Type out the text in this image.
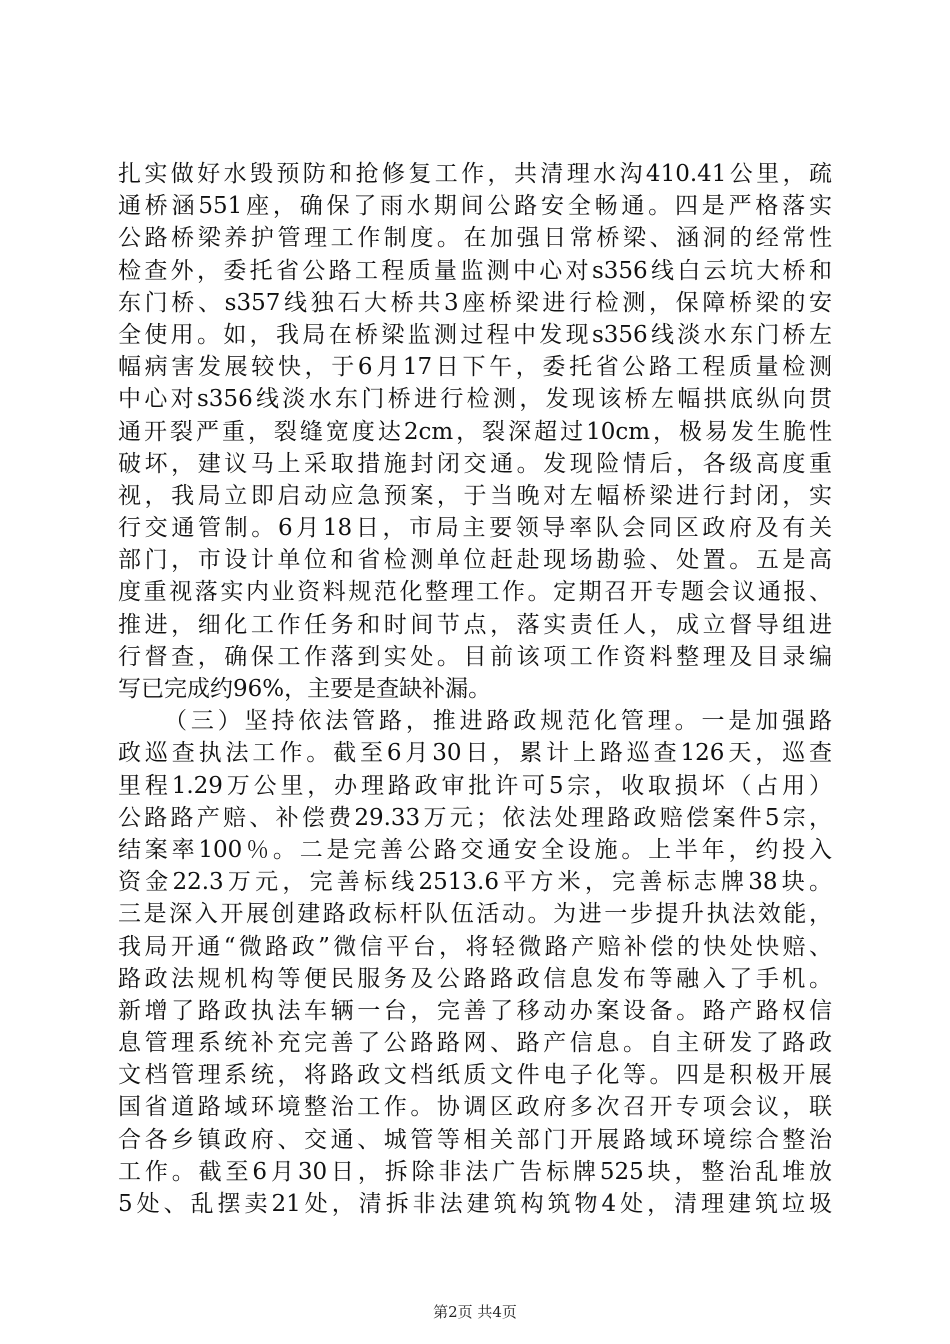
扎实做好水毁预防和抢修复工作，共清理水沟410.41公里，疏
通桥涵551座，确保了雨水期间公路安全畅通。四是严格落实
公路桥梁养护管理工作制度。在加强日常桥梁、涵洞的经常性
检查外，委托省公路工程质量监测中心对s356线白云坑大桥和
东门桥、s357线独石大桥共3座桥梁进行检测，保障桥梁的安
全使用。如，我局在桥梁监测过程中发现s356线淡水东门桥左
幅病害发展较快，于6月17日下午，委托省公路工程质量检测
中心对s356线淡水东门桥进行检测，发现该桥左幅拱底纵向贯
通开裂严重，裂缝宽度达2cm，裂深超过10cm，极易发生脆性
破坏，建议马上采取措施封闭交通。发现险情后，各级高度重
视，我局立即启动应急预案，于当晚对左幅桥梁进行封闭，实
行交通管制。6月18日，市局主要领导率队会同区政府及有关
部门，市设计单位和省检测单位赶赴现场勘验、处置。五是高
度重视落实内业资料规范化整理工作。定期召开专题会议通报、
推进，细化工作任务和时间节点，落实责任人，成立督导组进
行督查，确保工作落到实处。目前该项工作资料整理及目录编
写已完成约96%，主要是查缺补漏。
（三）坚持依法管路，推进路政规范化管理。一是加强路
政巡查执法工作。截至6月30日，累计上路巡查126天，巡查
里程1.29万公里，办理路政审批许可5宗，收取损坏（占用）
公路路产赔、补偿费29.33万元；依法处理路政赔偿案件5宗，
结案率100％。二是完善公路交通安全设施。上半年，约投入
资金22.3万元，完善标线2513.6平方米，完善标志牌38块。
三是深入开展创建路政标杆队伍活动。为进一步提升执法效能，
我局开通“微路政”微信平台，将轻微路产赔补偿的快处快赔、
路政法规机构等便民服务及公路路政信息发布等融入了手机。
新增了路政执法车辆一台，完善了移动办案设备。路产路权信
息管理系统补充完善了公路路网、路产信息。自主研发了路政
文档管理系统，将路政文档纸质文件电子化等。四是积极开展
国省道路域环境整治工作。协调区政府多次召开专项会议，联
合各乡镇政府、交通、城管等相关部门开展路域环境综合整治
工作。截至6月30日，拆除非法广告标牌525块，整治乱堆放
5处、乱摆卖21处，清拆非法建筑构筑物4处，清理建筑垃圾
第2页 共4页
